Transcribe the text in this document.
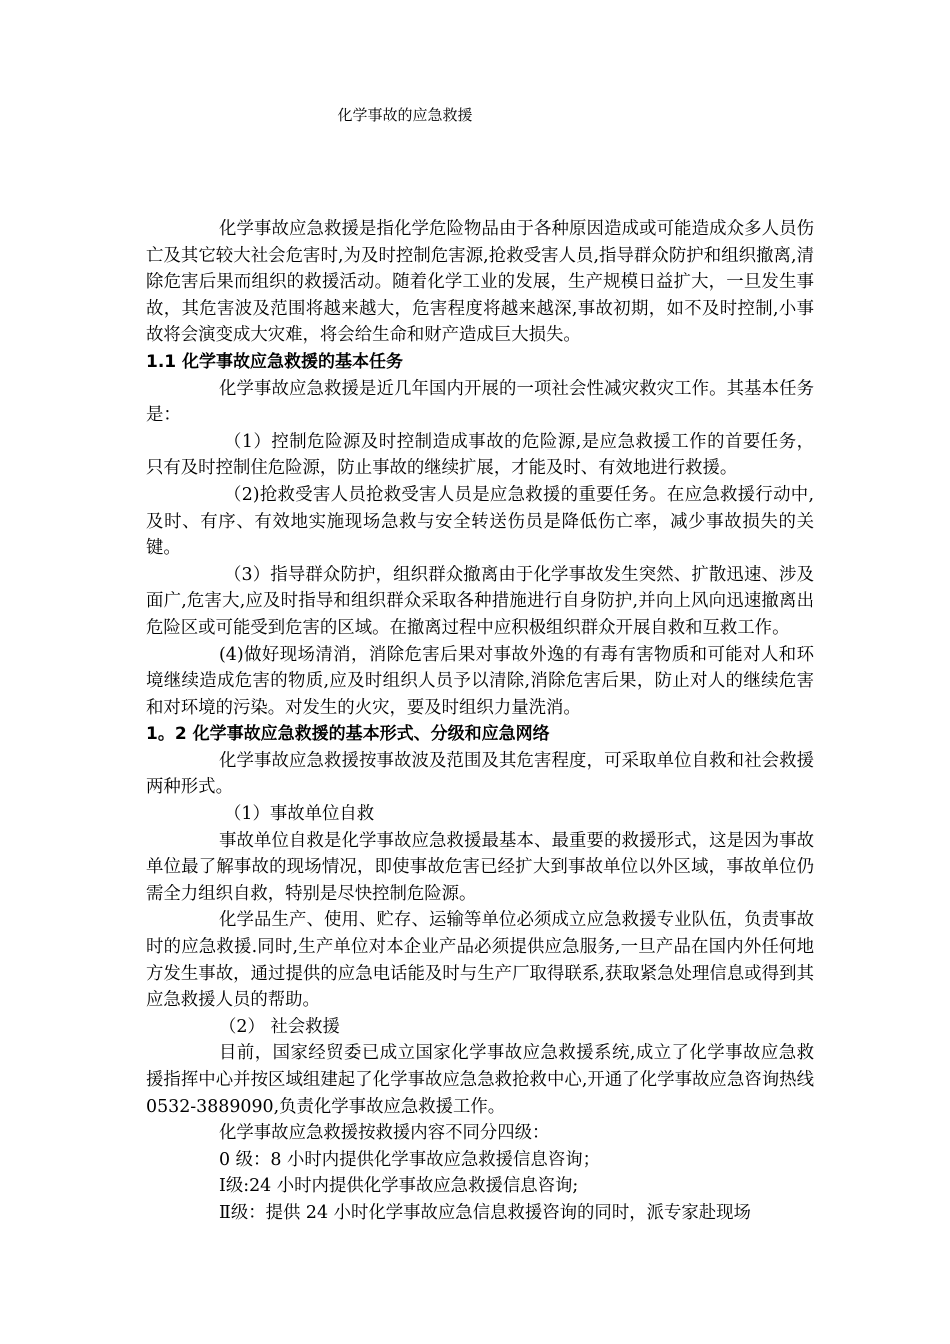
化学事故的应急救援

化学事故应急救援是指化学危险物品由于各种原因造成或可能造成众多人员伤亡及其它较大社会危害时,为及时控制危害源,抢救受害人员,指导群众防护和组织撤离,清除危害后果而组织的救援活动。随着化学工业的发展，生产规模日益扩大，一旦发生事故，其危害波及范围将越来越大，危害程度将越来越深,事故初期，如不及时控制,小事故将会演变成大灾难，将会给生命和财产造成巨大损失。

1.1 化学事故应急救援的基本任务

化学事故应急救援是近几年国内开展的一项社会性减灾救灾工作。其基本任务是：

（1）控制危险源及时控制造成事故的危险源,是应急救援工作的首要任务，只有及时控制住危险源，防止事故的继续扩展，才能及时、有效地进行救援。

（2)抢救受害人员抢救受害人员是应急救援的重要任务。在应急救援行动中,及时、有序、有效地实施现场急救与安全转送伤员是降低伤亡率，减少事故损失的关键。

（3）指导群众防护，组织群众撤离由于化学事故发生突然、扩散迅速、涉及面广,危害大,应及时指导和组织群众采取各种措施进行自身防护,并向上风向迅速撤离出危险区或可能受到危害的区域。在撤离过程中应积极组织群众开展自救和互救工作。

(4)做好现场清消，消除危害后果对事故外逸的有毒有害物质和可能对人和环境继续造成危害的物质,应及时组织人员予以清除,消除危害后果，防止对人的继续危害和对环境的污染。对发生的火灾，要及时组织力量洗消。

1。2 化学事故应急救援的基本形式、分级和应急网络

化学事故应急救援按事故波及范围及其危害程度，可采取单位自救和社会救援两种形式。

（1）事故单位自救

事故单位自救是化学事故应急救援最基本、最重要的救援形式，这是因为事故单位最了解事故的现场情况，即使事故危害已经扩大到事故单位以外区域，事故单位仍需全力组织自救，特别是尽快控制危险源。

化学品生产、使用、贮存、运输等单位必须成立应急救援专业队伍，负责事故时的应急救援.同时,生产单位对本企业产品必须提供应急服务,一旦产品在国内外任何地方发生事故，通过提供的应急电话能及时与生产厂取得联系,获取紧急处理信息或得到其应急救援人员的帮助。

（2） 社会救援

目前，国家经贸委已成立国家化学事故应急救援系统,成立了化学事故应急救援指挥中心并按区域组建起了化学事故应急急救抢救中心,开通了化学事故应急咨询热线 0532-3889090,负责化学事故应急救援工作。

化学事故应急救援按救援内容不同分四级：

0 级：8 小时内提供化学事故应急救援信息咨询；

Ⅰ级:24 小时内提供化学事故应急救援信息咨询;

Ⅱ级：提供 24 小时化学事故应急信息救援咨询的同时，派专家赴现场
